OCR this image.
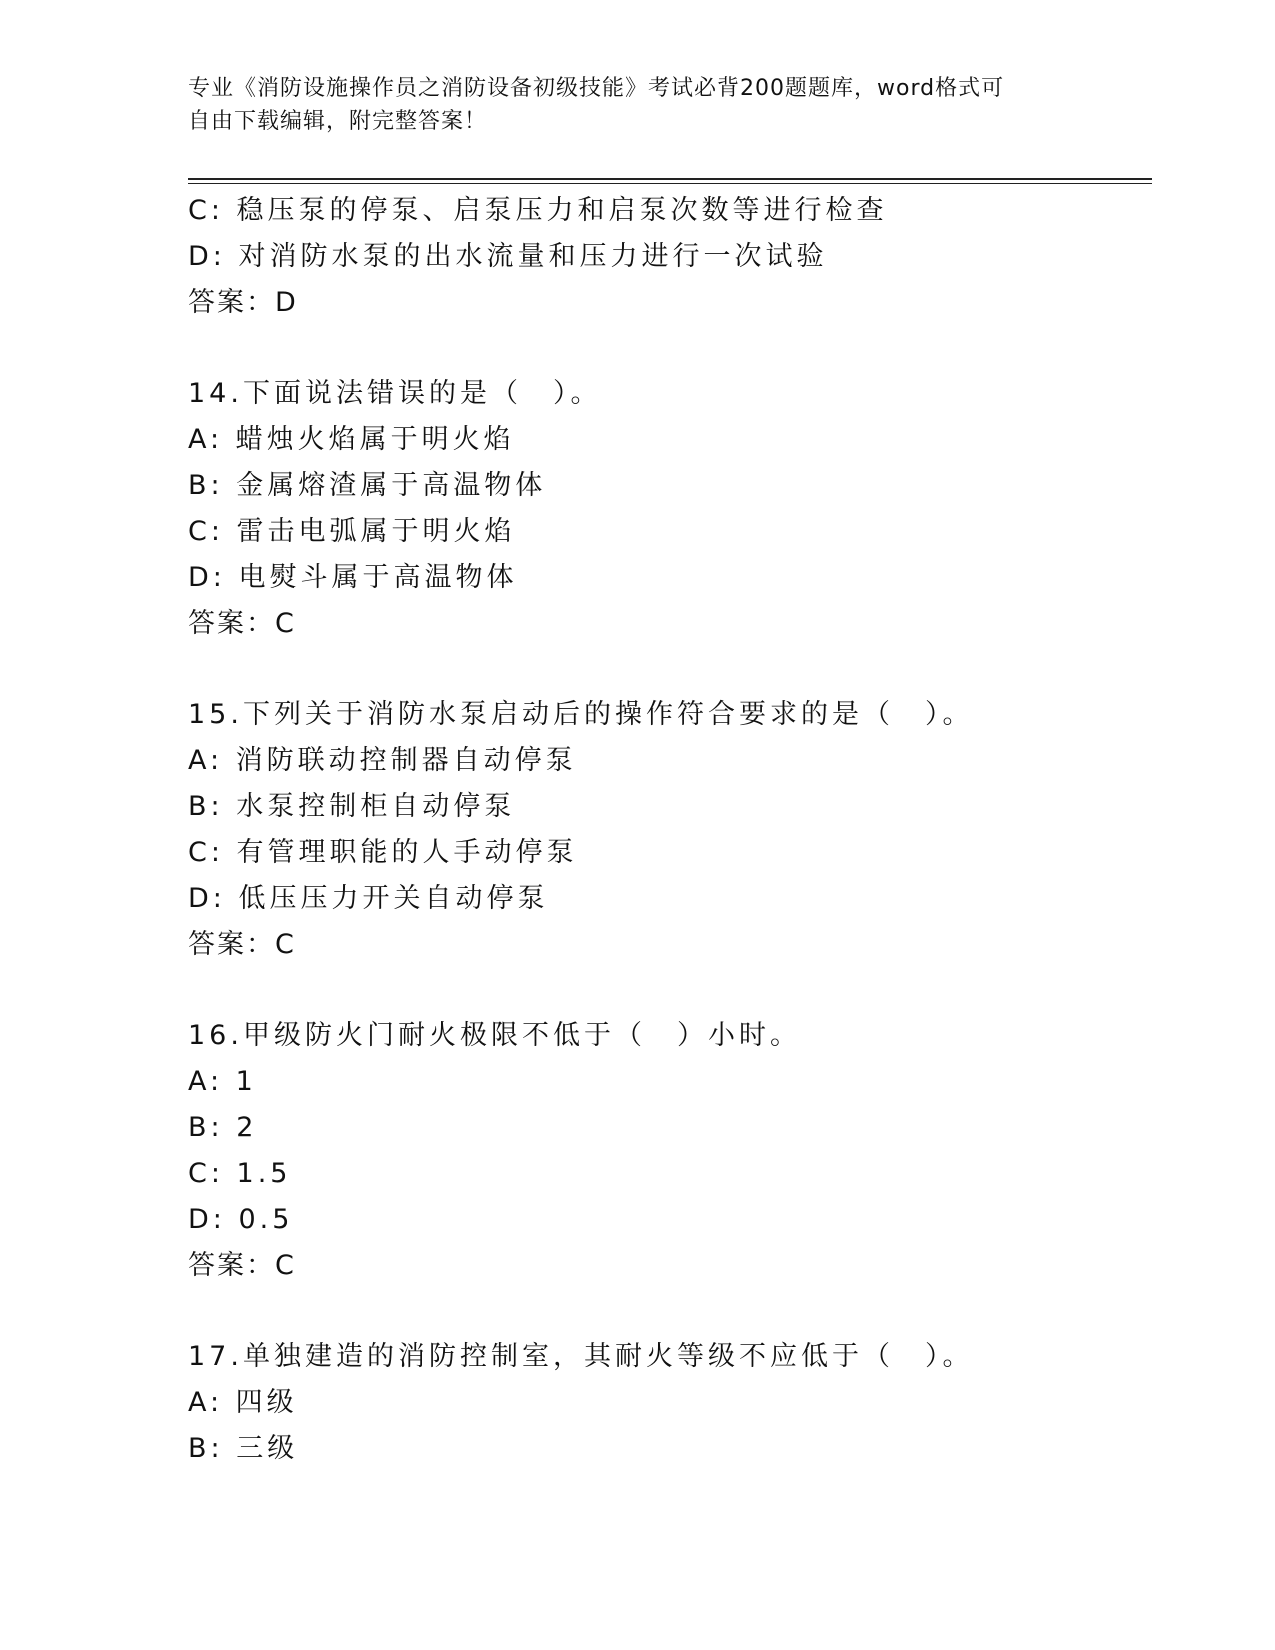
专业《消防设施操作员之消防设备初级技能》考试必背200题题库，word格式可
自由下载编辑，附完整答案！
C: 稳压泵的停泵、启泵压力和启泵次数等进行检查
D: 对消防水泵的出水流量和压力进行一次试验
答案：D
14.下面说法错误的是（　）。
A: 蜡烛火焰属于明火焰
B: 金属熔渣属于高温物体
C: 雷击电弧属于明火焰
D: 电熨斗属于高温物体
答案：C
15.下列关于消防水泵启动后的操作符合要求的是（　）。
A: 消防联动控制器自动停泵
B: 水泵控制柜自动停泵
C: 有管理职能的人手动停泵
D: 低压压力开关自动停泵
答案：C
16.甲级防火门耐火极限不低于（　）小时。
A: 1
B: 2
C: 1.5
D: 0.5
答案：C
17.单独建造的消防控制室，其耐火等级不应低于（　）。
A: 四级
B: 三级
